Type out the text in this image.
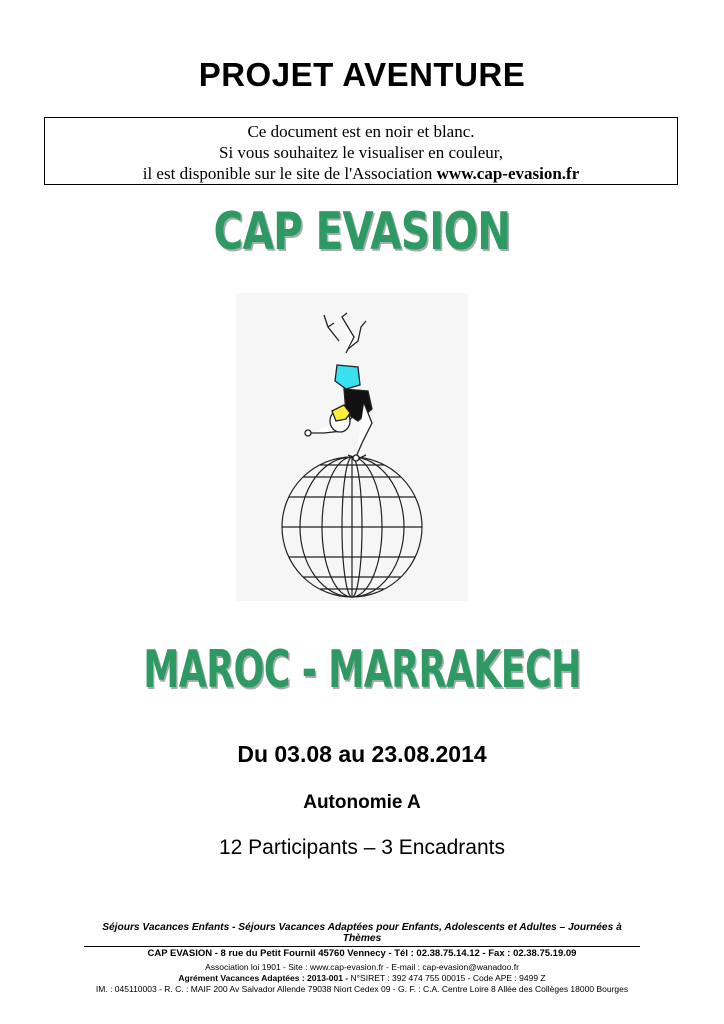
PROJET AVENTURE
Ce document est en noir et blanc.
Si vous souhaitez le visualiser en couleur,
il est disponible sur le site de l'Association www.cap-evasion.fr
CAP EVASION
MAROC - MARRAKECH
Du 03.08 au 23.08.2014
Autonomie A
12 Participants – 3 Encadrants
Séjours Vacances Enfants - Séjours Vacances Adaptées pour Enfants, Adolescents et Adultes – Journées à Thèmes
CAP EVASION - 8 rue du Petit Fournil 45760 Vennecy - Tél : 02.38.75.14.12 - Fax : 02.38.75.19.09
Association loi 1901 - Site : www.cap-evasion.fr - E-mail : cap-evasion@wanadoo.fr
Agrément Vacances Adaptées : 2013-001 - N°SIRET : 392 474 755 00015 - Code APE : 9499 Z
IM. : 045110003 - R. C. : MAIF 200 Av Salvador Allende 79038 Niort Cedex 09 - G. F. : C.A. Centre Loire 8 Allée des Collèges 18000 Bourges
